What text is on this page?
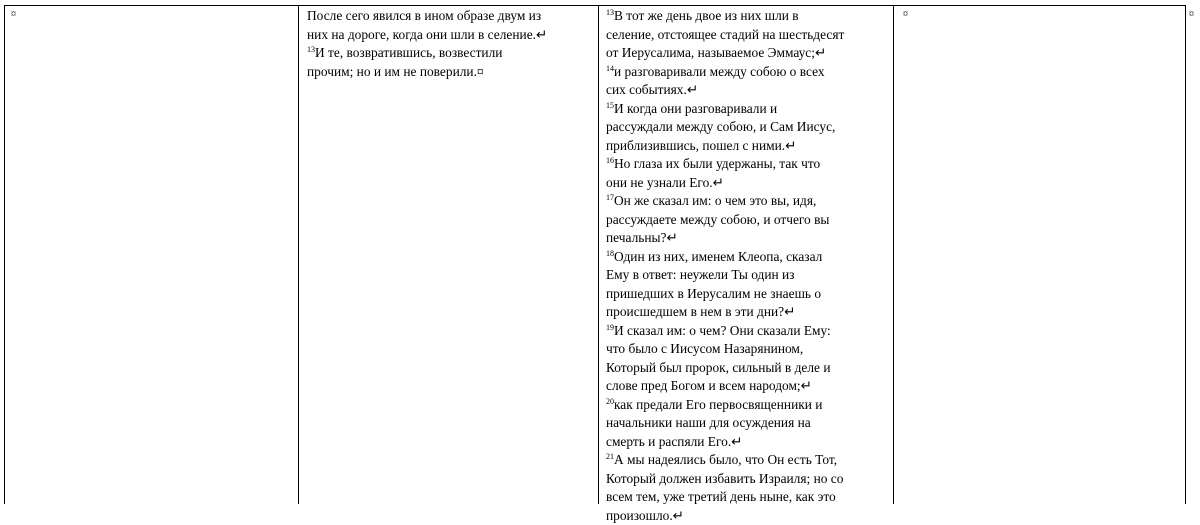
¤	¤	¤
После сего явился в ином образе двум из
них на дороге, когда они шли в селение.↵
$^{13}$И те, возвратившись, возвестили
прочим; но и им не поверили.¤
$^{13}$В тот же день двое из них шли в
селение, отстоящее стадий на шестьдесят
от Иерусалима, называемое Эммаус;↵
$^{14}$и разговаривали между собою о всех
сих событиях.↵
$^{15}$И когда они разговаривали и
рассуждали между собою, и Сам Иисус,
приблизившись, пошел с ними.↵
$^{16}$Но глаза их были удержаны, так что
они не узнали Его.↵
$^{17}$Он же сказал им: о чем это вы, идя,
рассуждаете между собою, и отчего вы
печальны?↵
$^{18}$Один из них, именем Клеопа, сказал
Ему в ответ: неужели Ты один из
пришедших в Иерусалим не знаешь о
происшедшем в нем в эти дни?↵
$^{19}$И сказал им: о чем? Они сказали Ему:
что было с Иисусом Назарянином,
Который был пророк, сильный в деле и
слове пред Богом и всем народом;↵
$^{20}$как предали Его первосвященники и
начальники наши для осуждения на
смерть и распяли Его.↵
$^{21}$А мы надеялись было, что Он есть Тот,
Который должен избавить Израиля; но со
всем тем, уже третий день ныне, как это
произошло.↵
